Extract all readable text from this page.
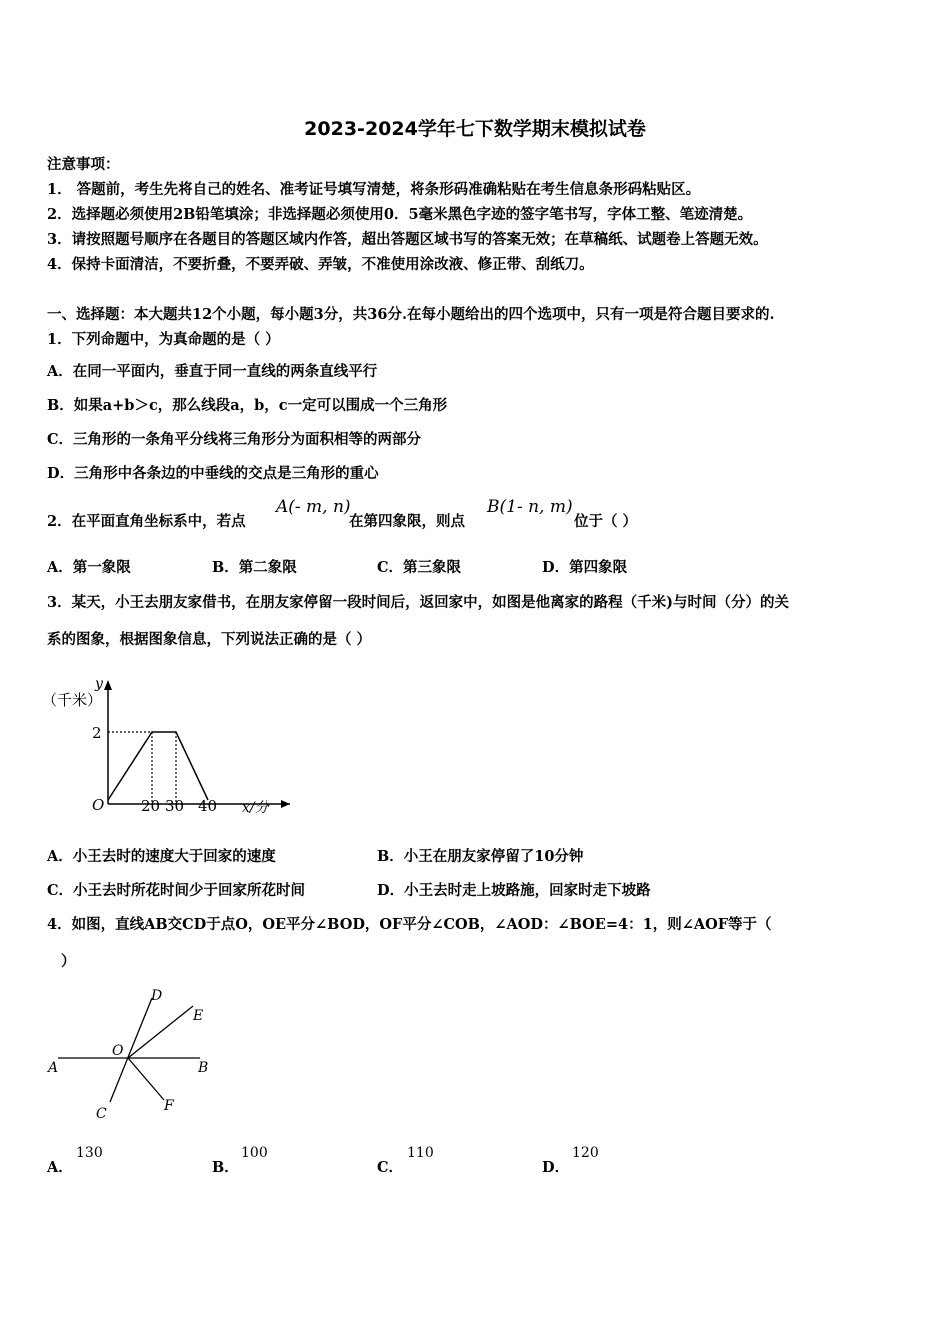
2023-2024学年七下数学期末模拟试卷
注意事项：
1． 答题前，考生先将自己的姓名、准考证号填写清楚，将条形码准确粘贴在考生信息条形码粘贴区。
2．选择题必须使用2B铅笔填涂；非选择题必须使用0．5毫米黑色字迹的签字笔书写，字体工整、笔迹清楚。
3．请按照题号顺序在各题目的答题区域内作答，超出答题区域书写的答案无效；在草稿纸、试题卷上答题无效。
4．保持卡面清洁，不要折叠，不要弄破、弄皱，不准使用涂改液、修正带、刮纸刀。
一、选择题：本大题共12个小题，每小题3分，共36分.在每小题给出的四个选项中，只有一项是符合题目要求的.
1．下列命题中，为真命题的是（ ）
A．在同一平面内，垂直于同一直线的两条直线平行
B．如果a+b＞c，那么线段a，b，c一定可以围成一个三角形
C．三角形的一条角平分线将三角形分为面积相等的两部分
D．三角形中各条边的中垂线的交点是三角形的重心
2．在平面直角坐标系中，若点
A(- m, n)
在第四象限，则点
B(1- n, m)
位于（ ）
A．第一象限	B．第二象限	C．第三象限	D．第四象限
3．某天，小王去朋友家借书，在朋友家停留一段时间后，返回家中，如图是他离家的路程（千米)与时间（分）的关
系的图象，根据图象信息，下列说法正确的是（ ）
y
（千米）
2
O 20 30 40 x/分
A．小王去时的速度大于回家的速度	B．小王在朋友家停留了10分钟
C．小王去时所花时间少于回家所花时间	D．小王去时走上坡路施，回家时走下坡路
4．如图，直线AB交CD于点O，OE平分∠BOD，OF平分∠COB，∠AOD：∠BOE=4：1，则∠AOF等于（
）
A	B
C
D
E
F
O
A．
130
B．
100
C．
110
D．
120
